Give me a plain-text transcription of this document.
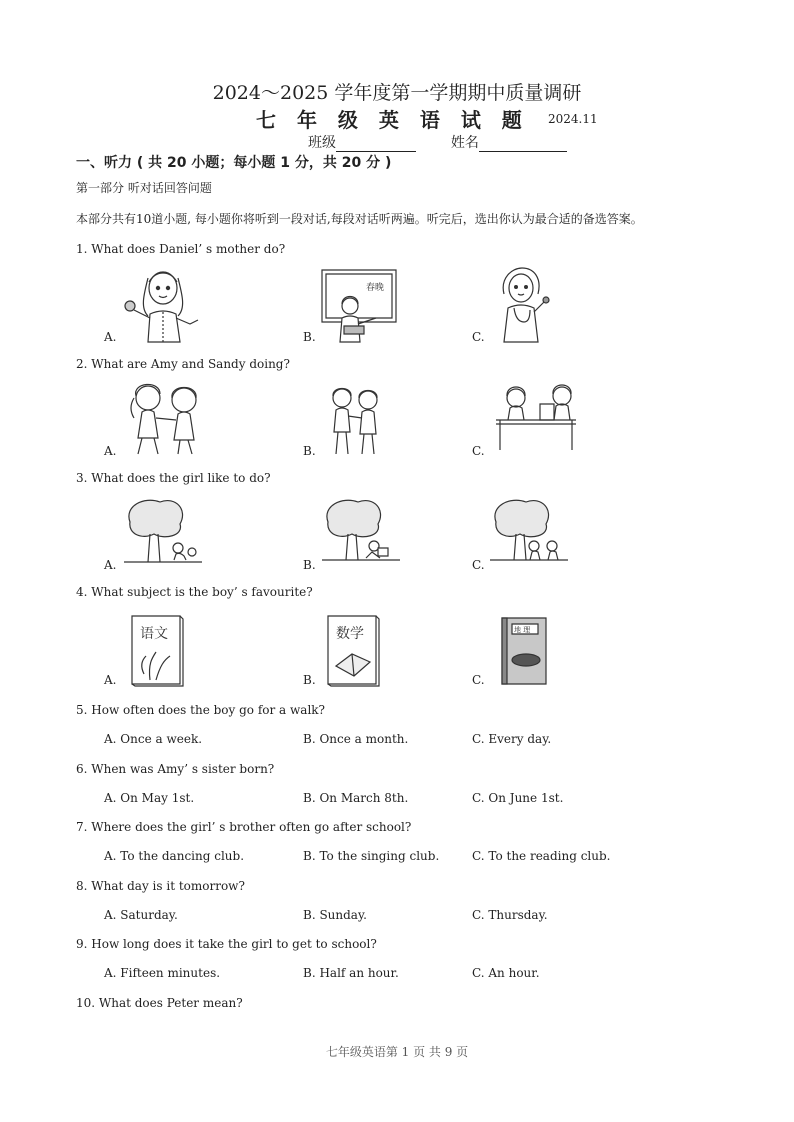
2024～2025 学年度第一学期期中质量调研
七 年 级 英 语 试 题 2024.11
班级	姓名
一、听力 ( 共 20 小题；每小题 1 分，共 20 分 )
第一部分 听对话回答问题
本部分共有10道小题, 每小题你将听到一段对话,每段对话听两遍。听完后，选出你认为最合适的备选答案。
1. What does Daniel’ s mother do?
A.	B.	C.
春晚
2. What are Amy and Sandy doing?
A.	B.	C.
3. What does the girl like to do?
A.	B.	C.
4. What subject is the boy’ s favourite?
A.	B.	C.
语文	数学	地 理
5. How often does the boy go for a walk?
A. Once a week.	B. Once a month.	C. Every day.
6. When was Amy’ s sister born?
A. On May 1st.	B. On March 8th.	C. On June 1st.
7. Where does the girl’ s brother often go after school?
A. To the dancing club.	B. To the singing club.	C. To the reading club.
8. What day is it tomorrow?
A. Saturday.	B. Sunday.	C. Thursday.
9. How long does it take the girl to get to school?
A. Fifteen minutes.	B. Half an hour.	C. An hour.
10. What does Peter mean?
七年级英语第 1 页 共 9 页
